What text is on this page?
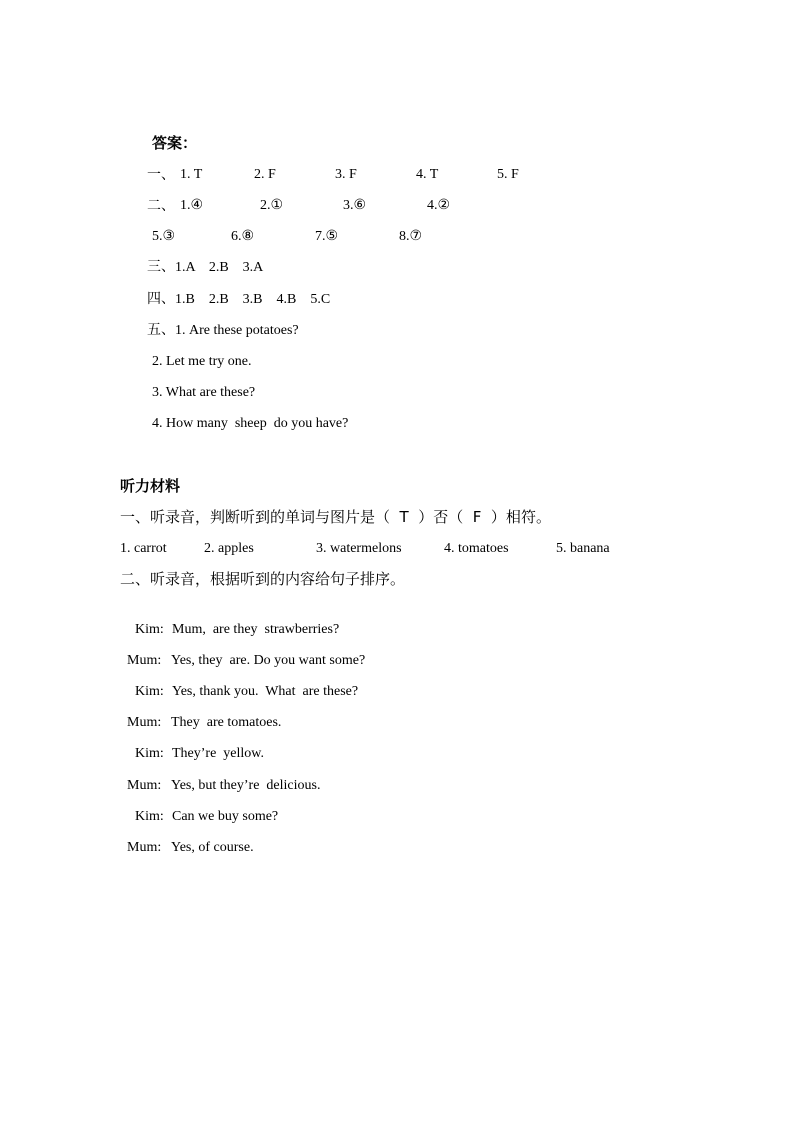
答案：
一、 1. T	2. F	3. F	4. T	5. F
二、 1.④	2.①	3.⑥	4.②
5.③	6.⑧	7.⑤	8.⑦
三、1.A    2.B    3.A
四、1.B    2.B    3.B    4.B    5.C
五、1. Are these potatoes?
2. Let me try one.
3. What are these?
4. How many  sheep  do you have?
听力材料
一、听录音，判断听到的单词与图片是（  T  ）否（  F  ）相符。
1. carrot	2. apples	3. watermelons	4. tomatoes	5. banana
二、听录音，根据听到的内容给句子排序。

Kim: Mum,  are they  strawberries?

Mum: Yes, they  are. Do you want some?

Kim: Yes, thank you.  What  are these?

Mum: They  are tomatoes.

Kim: They’re  yellow.

Mum: Yes, but they’re  delicious.

Kim: Can we buy some?

Mum: Yes, of course.
